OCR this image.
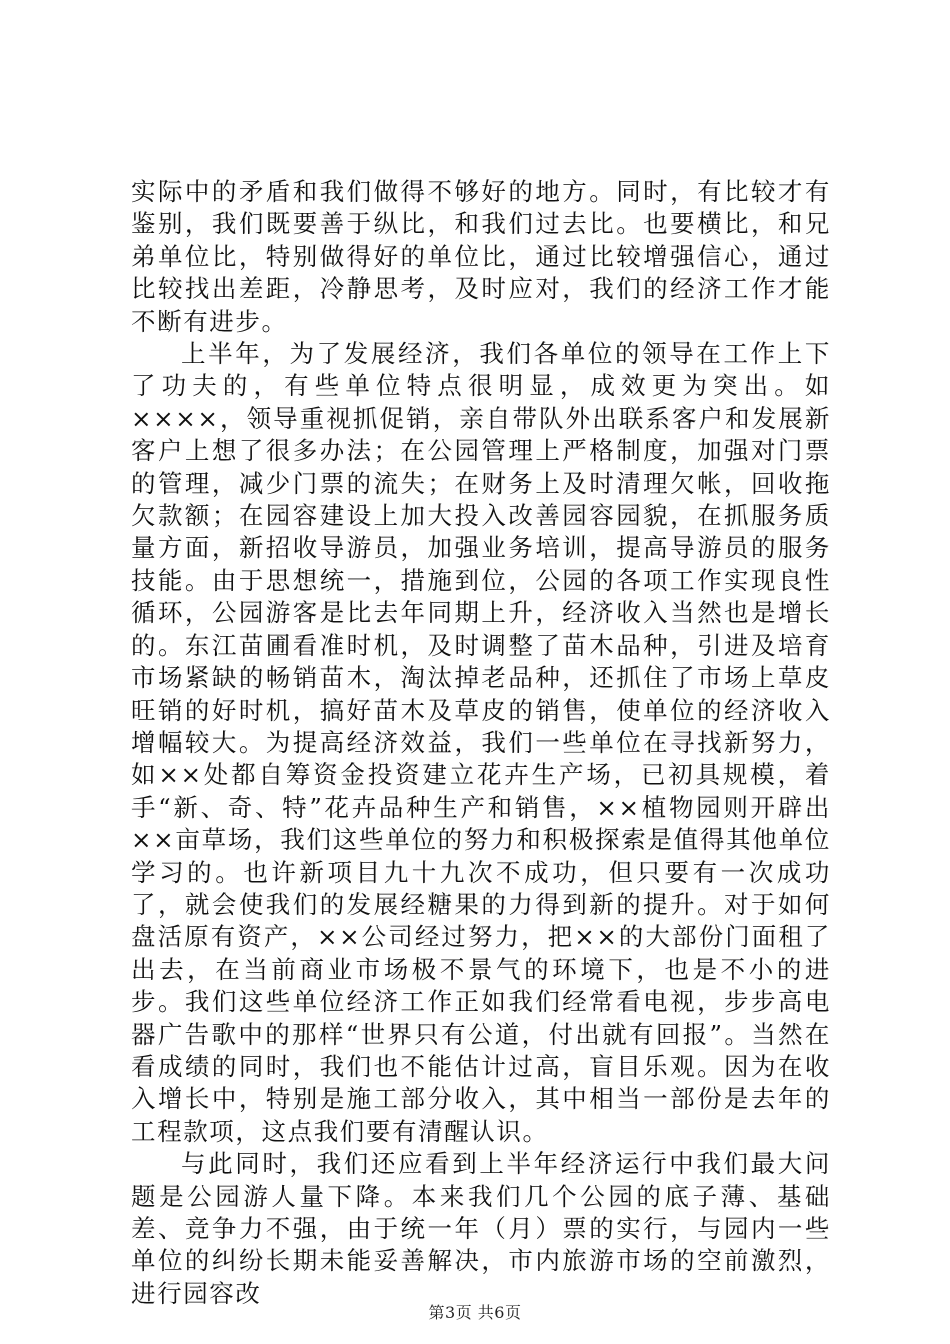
实际中的矛盾和我们做得不够好的地方。同时，有比较才有鉴别，我们既要善于纵比，和我们过去比。也要横比，和兄弟单位比，特别做得好的单位比，通过比较增强信心，通过比较找出差距，冷静思考，及时应对，我们的经济工作才能不断有进步。

上半年，为了发展经济，我们各单位的领导在工作上下了功夫的，有些单位特点很明显，成效更为突出。如××××，领导重视抓促销，亲自带队外出联系客户和发展新客户上想了很多办法；在公园管理上严格制度，加强对门票的管理，减少门票的流失；在财务上及时清理欠帐，回收拖欠款额；在园容建设上加大投入改善园容园貌，在抓服务质量方面，新招收导游员，加强业务培训，提高导游员的服务技能。由于思想统一，措施到位，公园的各项工作实现良性循环，公园游客是比去年同期上升，经济收入当然也是增长的。东江苗圃看准时机，及时调整了苗木品种，引进及培育市场紧缺的畅销苗木，淘汰掉老品种，还抓住了市场上草皮旺销的好时机，搞好苗木及草皮的销售，使单位的经济收入增幅较大。为提高经济效益，我们一些单位在寻找新努力，如××处都自筹资金投资建立花卉生产场，已初具规模，着手“新、奇、特”花卉品种生产和销售，××植物园则开辟出××亩草场，我们这些单位的努力和积极探索是值得其他单位学习的。也许新项目九十九次不成功，但只要有一次成功了，就会使我们的发展经糖果的力得到新的提升。对于如何盘活原有资产，××公司经过努力，把××的大部份门面租了出去，在当前商业市场极不景气的环境下，也是不小的进步。我们这些单位经济工作正如我们经常看电视，步步高电器广告歌中的那样“世界只有公道，付出就有回报”。当然在看成绩的同时，我们也不能估计过高，盲目乐观。因为在收入增长中，特别是施工部分收入，其中相当一部份是去年的工程款项，这点我们要有清醒认识。

与此同时，我们还应看到上半年经济运行中我们最大问题是公园游人量下降。本来我们几个公园的底子薄、基础差、竞争力不强，由于统一年（月）票的实行，与园内一些单位的纠纷长期未能妥善解决，市内旅游市场的空前激烈，进行园容改

第3页 共6页
